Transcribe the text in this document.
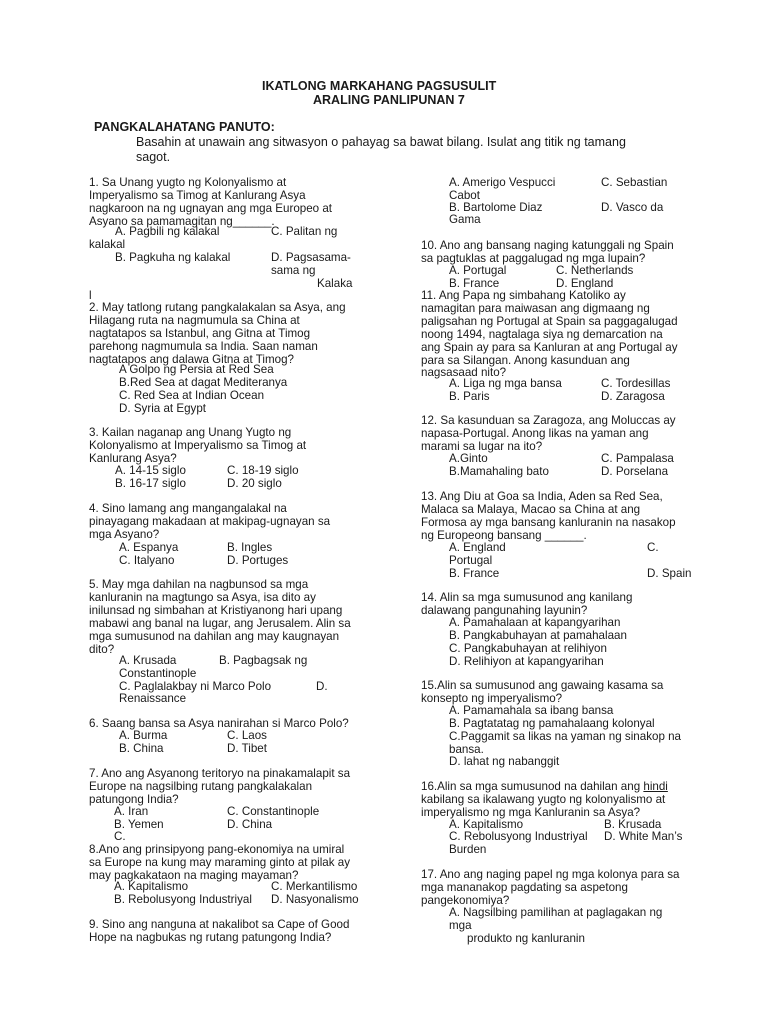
IKATLONG MARKAHANG PAGSUSULIT
ARALING PANLIPUNAN 7
PANGKALAHATANG PANUTO:
Basahin at unawain ang sitwasyon o pahayag sa bawat bilang. Isulat ang titik ng tamang
sagot.
1. Sa Unang yugto ng Kolonyalismo at
Imperyalismo sa Timog at Kanlurang Asya
nagkaroon na ng ugnayan ang mga Europeo at
Asyano sa pamamagitan ng______.
A. Pagbili ng kalakal	C. Palitan ng
kalakal
B. Pagkuha ng kalakal	D. Pagsasama-
sama ng
Kalaka
l
2. May tatlong rutang pangkalakalan sa Asya, ang
Hilagang ruta na nagmumula sa China at
nagtatapos sa Istanbul, ang Gitna at Timog
parehong nagmumula sa India. Saan naman
nagtatapos ang dalawa Gitna at Timog?
A Golpo ng Persia at Red Sea
B.Red Sea at dagat Mediteranya
C. Red Sea at Indian Ocean
D. Syria at Egypt
3. Kailan naganap ang Unang Yugto ng
Kolonyalismo at Imperyalismo sa Timog at
Kanlurang Asya?
A. 14-15 siglo	C. 18-19 siglo
B. 16-17 siglo	D. 20 siglo
4. Sino lamang ang mangangalakal na
pinayagang makadaan at makipag-ugnayan sa
mga Asyano?
A. Espanya	B. Ingles
C. Italyano	D. Portuges
5. May mga dahilan na nagbunsod sa mga
kanluranin na magtungo sa Asya, isa dito ay
inilunsad ng simbahan at Kristiyanong hari upang
mabawi ang banal na lugar, ang Jerusalem. Alin sa
mga sumusunod na dahilan ang may kaugnayan
dito?
A. Krusada	B. Pagbagsak ng
Constantinople
C. Paglalakbay ni Marco Polo	D.
Renaissance
6. Saang bansa sa Asya nanirahan si Marco Polo?
A. Burma	C. Laos
B. China	D. Tibet
7. Ano ang Asyanong teritoryo na pinakamalapit sa
Europe na nagsilbing rutang pangkalakalan
patungong India?
A. Iran	C. Constantinople
B. Yemen	D. China
C.
8.Ano ang prinsipyong pang-ekonomiya na umiral
sa Europe na kung may maraming ginto at pilak ay
may pagkakataon na maging mayaman?
A. Kapitalismo	C. Merkantilismo
B. Rebolusyong Industriyal D. Nasyonalismo
9. Sino ang nanguna at nakalibot sa Cape of Good
Hope na nagbukas ng rutang patungong India?
A. Amerigo Vespucci	C. Sebastian
Cabot
B. Bartolome Diaz	D. Vasco da
Gama
10. Ano ang bansang naging katunggali ng Spain
sa pagtuklas at paggalugad ng mga lupain?
A. Portugal	C. Netherlands
B. France	D. England
11. Ang Papa ng simbahang Katoliko ay
namagitan para maiwasan ang digmaang ng
paligsahan ng Portugal at Spain sa paggagalugad
noong 1494, nagtalaga siya ng demarcation na
ang Spain ay para sa Kanluran at ang Portugal ay
para sa Silangan. Anong kasunduan ang
nagsasaad nito?
A. Liga ng mga bansa	C. Tordesillas
B. Paris	D. Zaragosa
12. Sa kasunduan sa Zaragoza, ang Moluccas ay
napasa-Portugal. Anong likas na yaman ang
marami sa lugar na ito?
A.Ginto	C. Pampalasa
B.Mamahaling bato	D. Porselana
13. Ang Diu at Goa sa India, Aden sa Red Sea,
Malaca sa Malaya, Macao sa China at ang
Formosa ay mga bansang kanluranin na nasakop
ng Europeong bansang ______.
A. England	C.
Portugal
B. France	D. Spain
14. Alin sa mga sumusunod ang kanilang
dalawang pangunahing layunin?
A. Pamahalaan at kapangyarihan
B. Pangkabuhayan at pamahalaan
C. Pangkabuhayan at relihiyon
D. Relihiyon at kapangyarihan
15.Alin sa sumusunod ang gawaing kasama sa
konsepto ng imperyalismo?
A. Pamamahala sa ibang bansa
B. Pagtatatag ng pamahalaang kolonyal
C.Paggamit sa likas na yaman ng sinakop na
bansa.
D. lahat ng nabanggit
16.Alin sa mga sumusunod na dahilan ang hindi
kabilang sa ikalawang yugto ng kolonyalismo at
imperyalismo ng mga Kanluranin sa Asya?
A. Kapitalismo	B. Krusada
C. Rebolusyong Industriyal D. White Man’s
Burden
17. Ano ang naging papel ng mga kolonya para sa
mga mananakop pagdating sa aspetong
pangekonomiya?
A. Nagsilbing pamilihan at paglagakan ng
mga
produkto ng kanluranin
